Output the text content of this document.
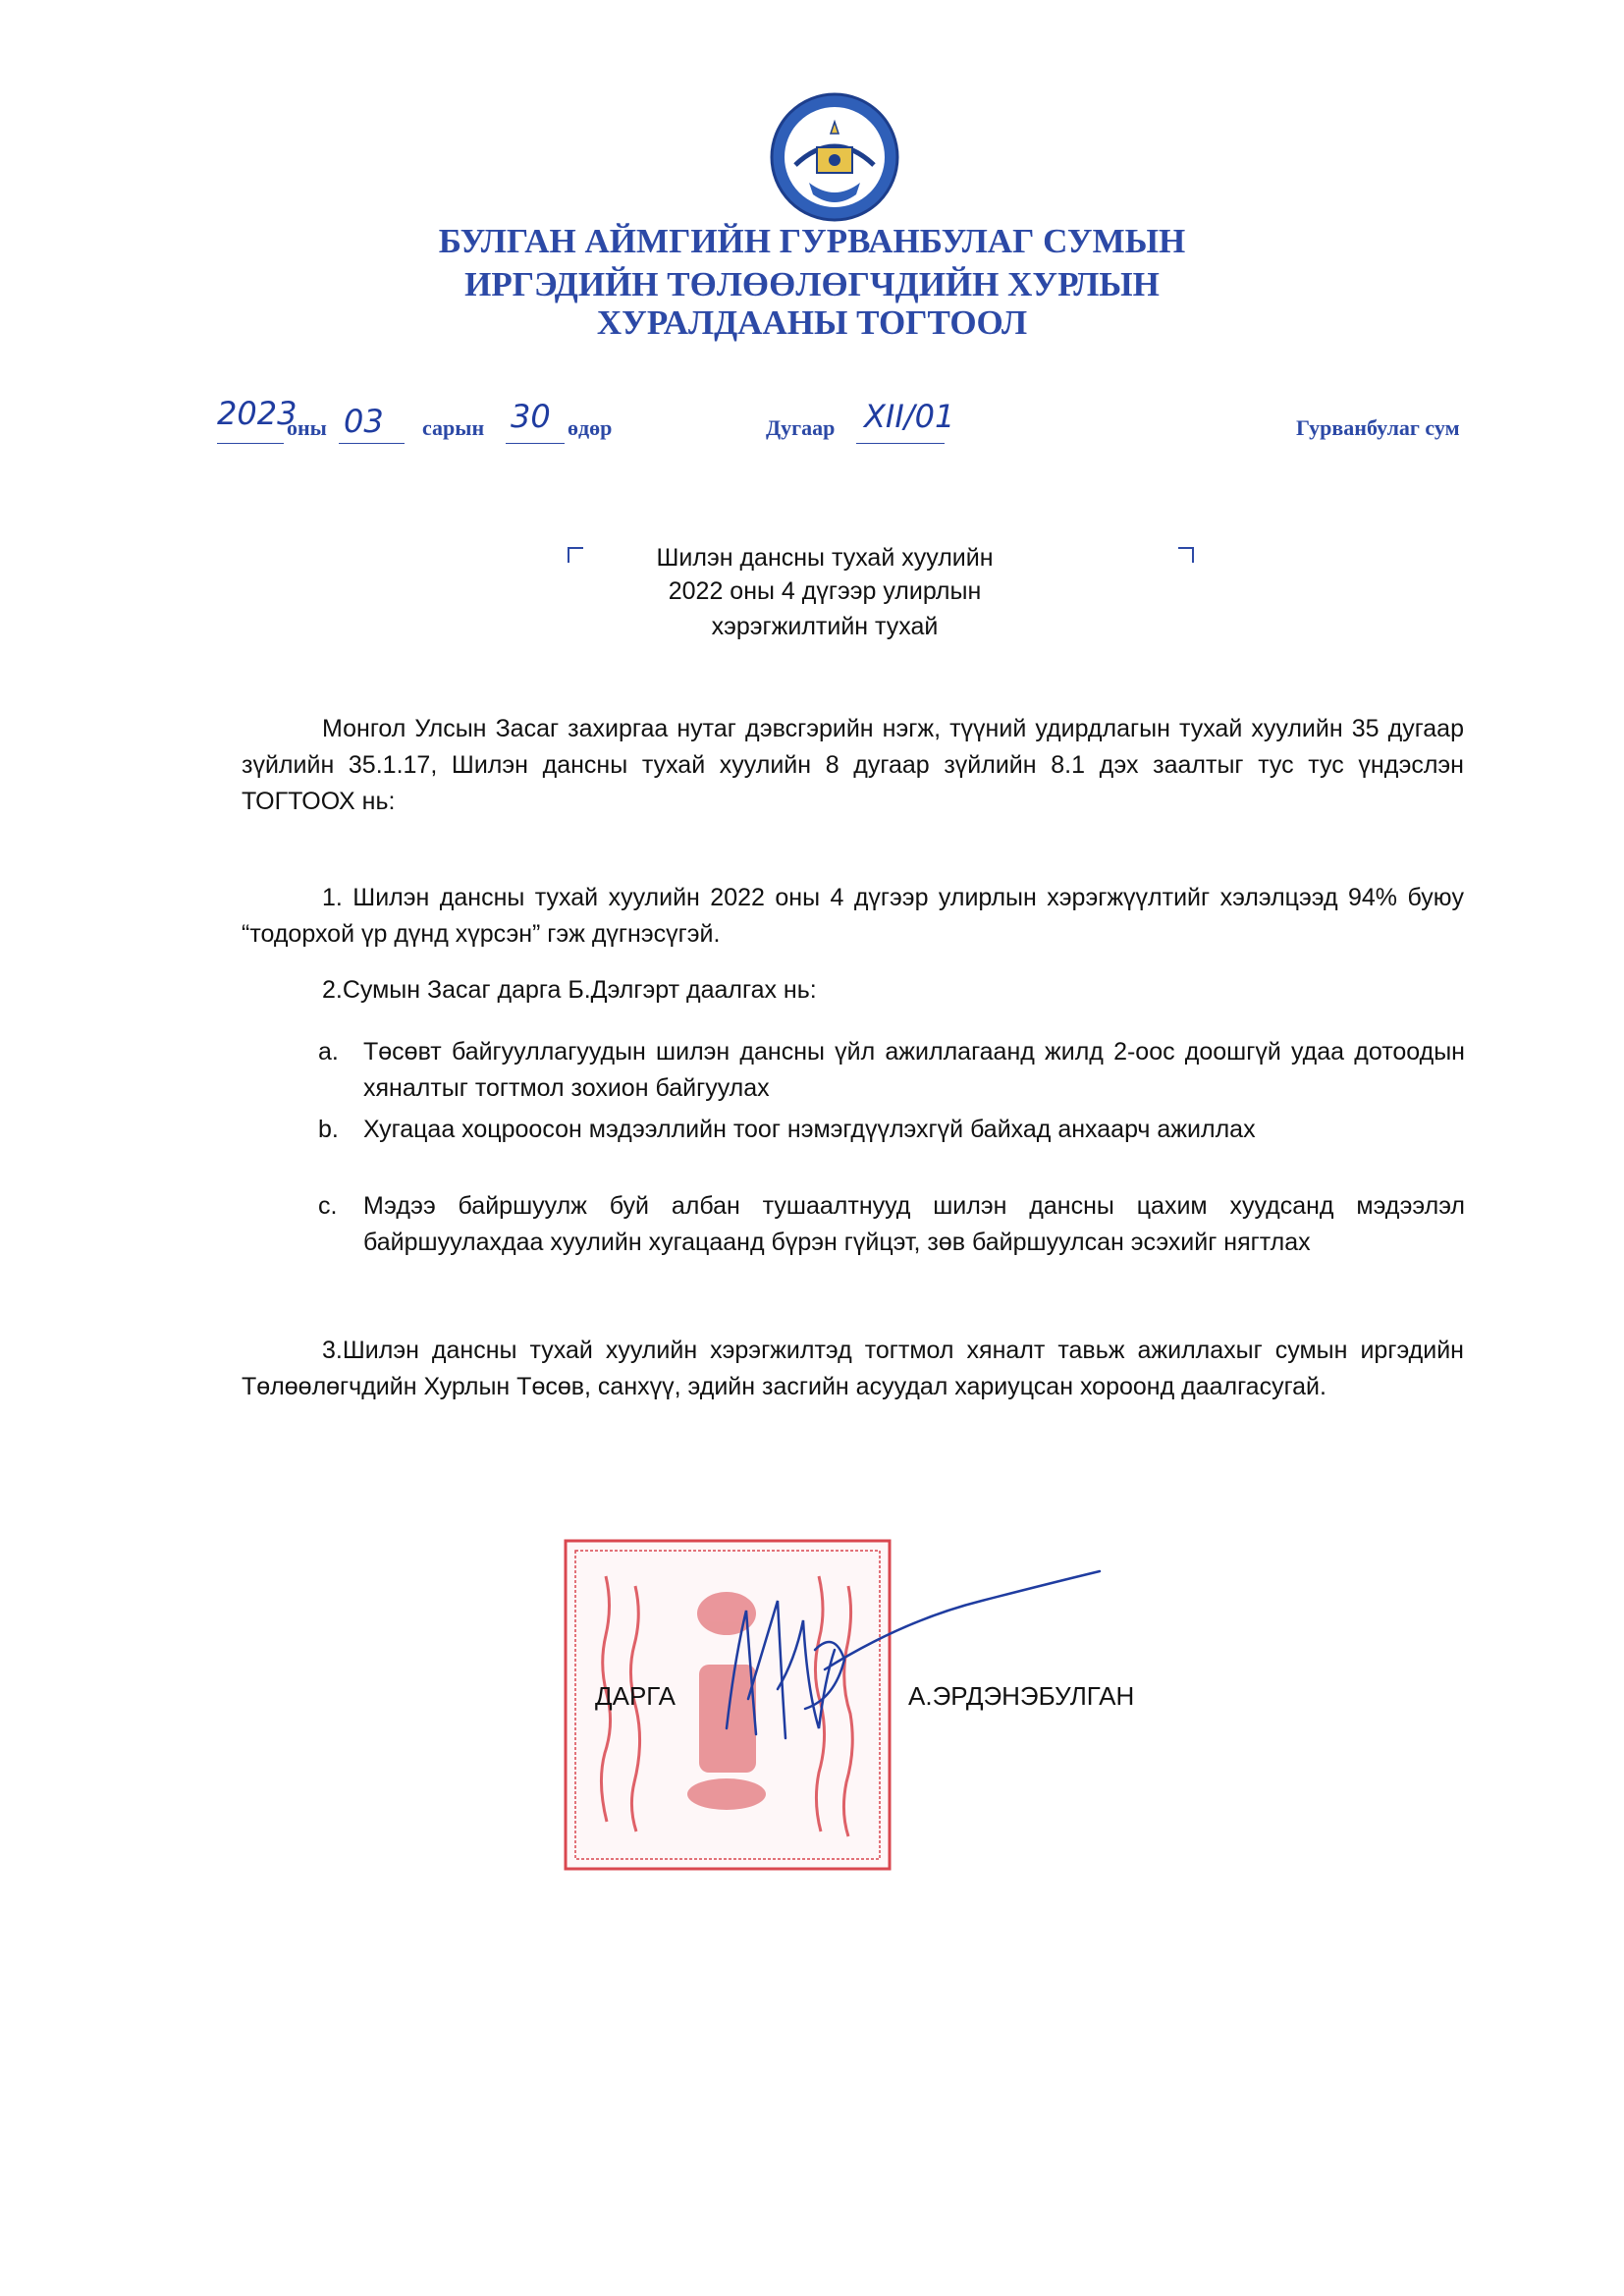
БУЛГАН АЙМГИЙН ГУРВАНБУЛАГ СУМЫН
ИРГЭДИЙН ТӨЛӨӨЛӨГЧДИЙН ХУРЛЫН
ХУРАЛДААНЫ ТОГТООЛ
2023
оны 03 сарын 30 өдөр	Дугаар XII/01	Гурванбулаг сум
Шилэн дансны тухай хуулийн
2022 оны 4 дүгээр улирлын
хэрэгжилтийн тухай
Монгол Улсын Засаг захиргаа нутаг дэвсгэрийн нэгж, түүний удирдлагын тухай хуулийн 35 дугаар зүйлийн 35.1.17, Шилэн дансны тухай хуулийн 8 дугаар зүйлийн 8.1 дэх заалтыг тус тус үндэслэн ТОГТООХ нь:
1. Шилэн дансны тухай хуулийн 2022 оны 4 дүгээр улирлын хэрэгжүүлтийг хэлэлцээд 94% буюу “тодорхой үр дүнд хүрсэн” гэж дүгнэсүгэй.
2.Сумын Засаг дарга Б.Дэлгэрт даалгах нь:
a. Төсөвт байгууллагуудын шилэн дансны үйл ажиллагаанд жилд 2-оос доошгүй удаа дотоодын хяналтыг тогтмол зохион байгуулах
b. Хугацаа хоцроосон мэдээллийн тоог нэмэгдүүлэхгүй байхад анхаарч ажиллах
c. Мэдээ байршуулж буй албан тушаалтнууд шилэн дансны цахим хуудсанд мэдээлэл байршуулахдаа хуулийн хугацаанд бүрэн гүйцэт, зөв байршуулсан эсэхийг нягтлах
3.Шилэн дансны тухай хуулийн хэрэгжилтэд тогтмол хяналт тавьж ажиллахыг сумын иргэдийн Төлөөлөгчдийн Хурлын Төсөв, санхүү, эдийн засгийн асуудал хариуцсан хороонд даалгасугай.
ДАРГА	А.ЭРДЭНЭБУЛГАН
